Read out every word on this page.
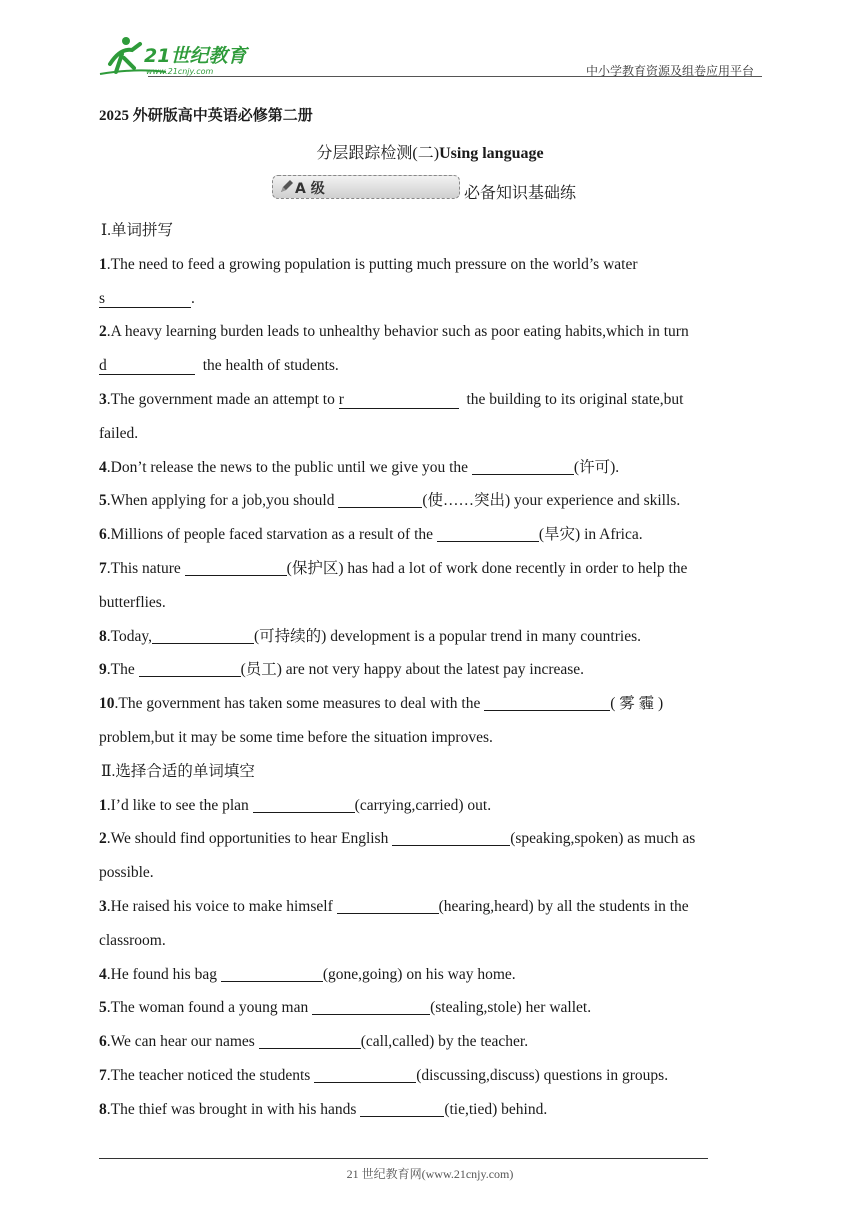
21世纪教育
www.21cnjy.com	中小学教育资源及组卷应用平台
2025 外研版高中英语必修第二册
分层跟踪检测(二)Using language
A 级	必备知识基础练

Ⅰ.单词拼写

1.The need to feed a growing population is putting much pressure on the world’s water

s	.

2.A heavy learning burden leads to unhealthy behavior such as poor eating habits,which in turn

d	the health of students.

3.The government made an attempt to r	the building to its original state,but

failed.

4.Don’t release the news to the public until we give you the	(许可).

5.When applying for a job,you should	(使……突出) your experience and skills.

6.Millions of people faced starvation as a result of the	(旱灾) in Africa.

7.This nature	(保护区) has had a lot of work done recently in order to help the

butterflies.

8.Today,	(可持续的) development is a popular trend in many countries.

9.The	(员工) are not very happy about the latest pay increase.

10.The government has taken some measures to deal with the	( 雾 霾 )

problem,but it may be some time before the situation improves.

Ⅱ.选择合适的单词填空

1.I’d like to see the plan	(carrying,carried) out.

2.We should find opportunities to hear English	(speaking,spoken) as much as

possible.

3.He raised his voice to make himself	(hearing,heard) by all the students in the

classroom.

4.He found his bag	(gone,going) on his way home.

5.The woman found a young man	(stealing,stole) her wallet.

6.We can hear our names	(call,called) by the teacher.

7.The teacher noticed the students	(discussing,discuss) questions in groups.

8.The thief was brought in with his hands	(tie,tied) behind.

21 世纪教育网(www.21cnjy.com)
